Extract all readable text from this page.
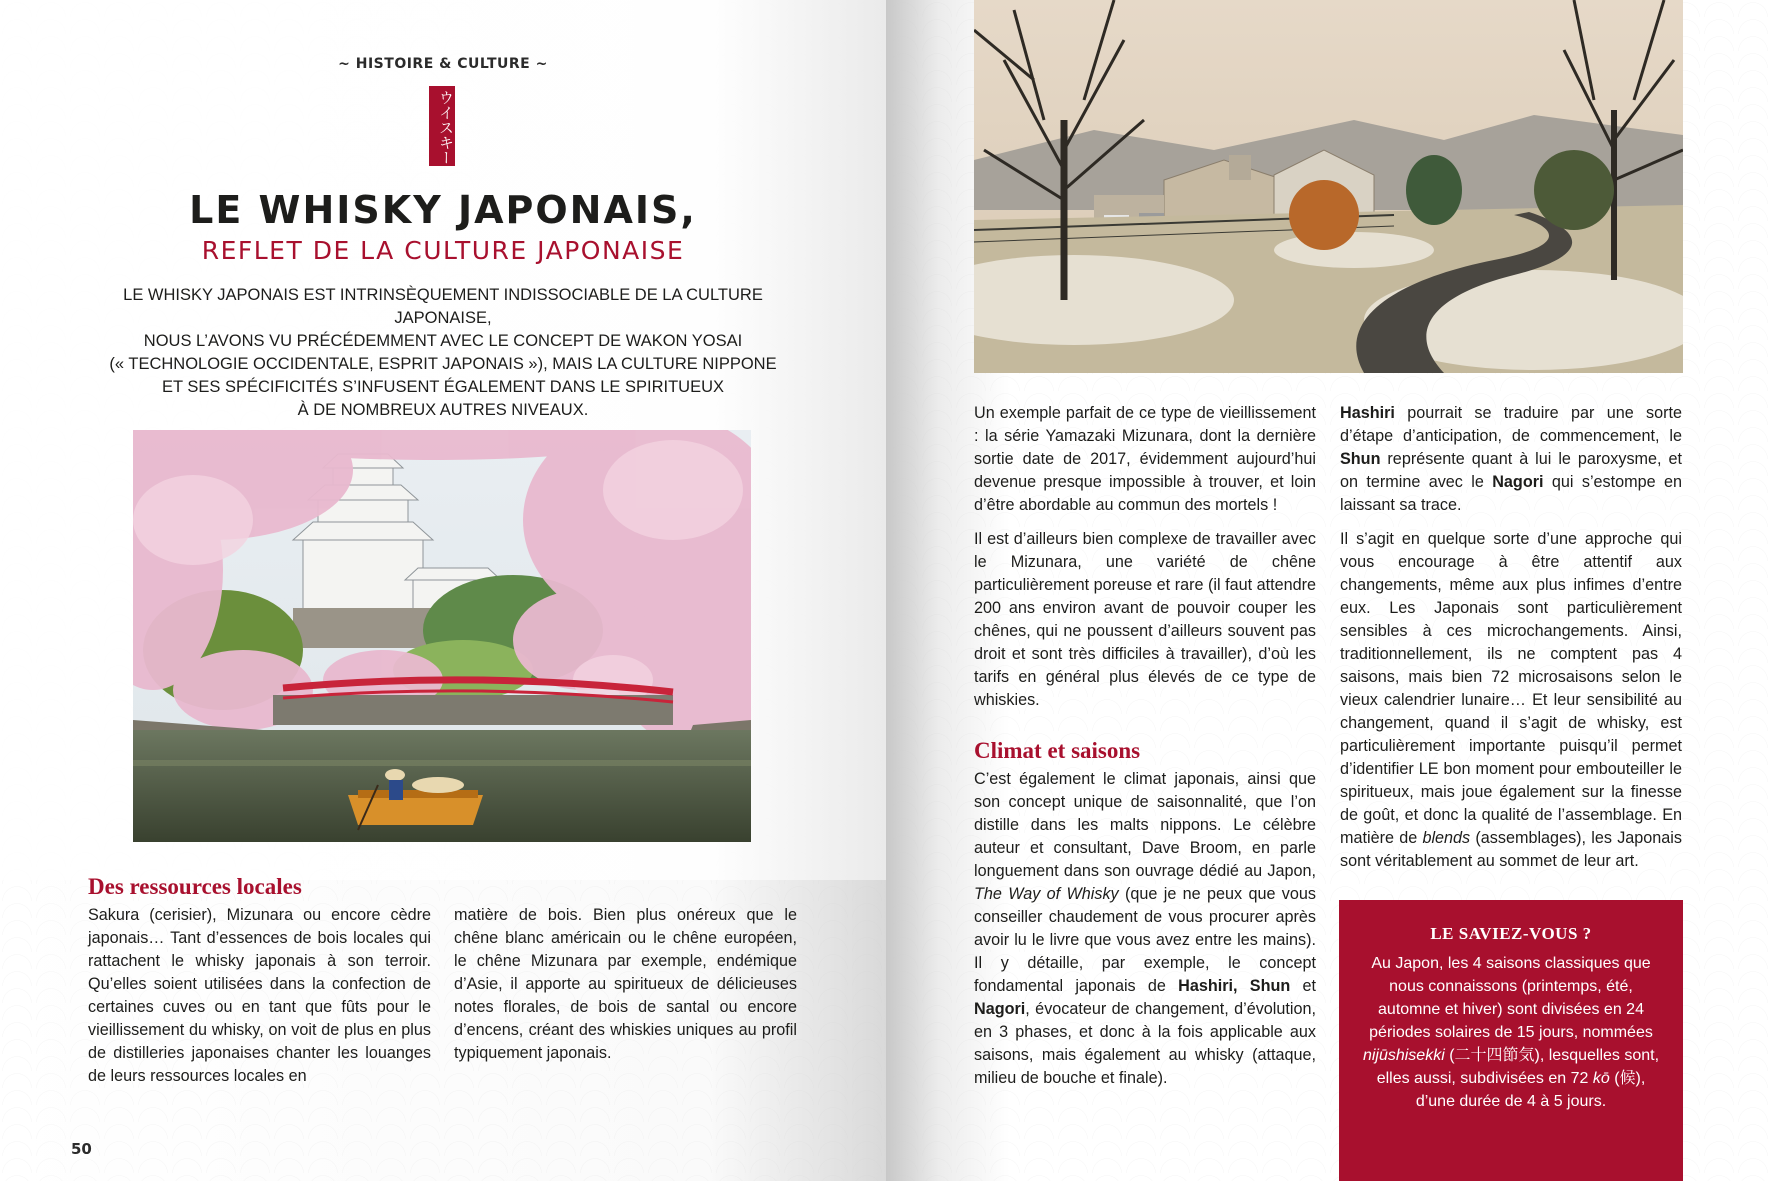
~ HISTOIRE & CULTURE ~
ウイスキー
LE WHISKY JAPONAIS,
REFLET DE LA CULTURE JAPONAISE
LE WHISKY JAPONAIS EST INTRINSÈQUEMENT INDISSOCIABLE DE LA CULTURE JAPONAISE,
NOUS L’AVONS VU PRÉCÉDEMMENT AVEC LE CONCEPT DE WAKON YOSAI
(« TECHNOLOGIE OCCIDENTALE, ESPRIT JAPONAIS »), MAIS LA CULTURE NIPPONE
ET SES SPÉCIFICITÉS S’INFUSENT ÉGALEMENT DANS LE SPIRITUEUX
À DE NOMBREUX AUTRES NIVEAUX.
Des ressources locales

Sakura (cerisier), Mizunara ou encore cèdre japonais… Tant d’essences de bois locales qui rattachent le whisky japonais à son terroir. Qu’elles soient utilisées dans la confection de certaines cuves ou en tant que fûts pour le vieillissement du whisky, on voit de plus en plus de distilleries japonaises chanter les louanges de leurs ressources locales en

matière de bois. Bien plus onéreux que le chêne blanc américain ou le chêne européen, le chêne Mizunara par exemple, endémique d’Asie, il apporte au spiritueux de délicieuses notes florales, de bois de santal ou encore d’encens, créant des whiskies uniques au profil typiquement japonais.

50

Un exemple parfait de ce type de vieillissement : la série Yamazaki Mizunara, dont la dernière sortie date de 2017, évidemment aujourd’hui devenue presque impossible à trouver, et loin d’être abordable au commun des mortels !

Il est d’ailleurs bien complexe de travailler avec le Mizunara, une variété de chêne particulièrement poreuse et rare (il faut attendre 200 ans environ avant de pouvoir couper les chênes, qui ne poussent d’ailleurs souvent pas droit et sont très difficiles à travailler), d’où les tarifs en général plus élevés de ce type de whiskies.

Climat et saisons

C’est également le climat japonais, ainsi que son concept unique de saisonnalité, que l’on distille dans les malts nippons. Le célèbre auteur et consultant, Dave Broom, en parle longuement dans son ouvrage dédié au Japon, The Way of Whisky (que je ne peux que vous conseiller chaudement de vous procurer après avoir lu le livre que vous avez entre les mains). Il y détaille, par exemple, le concept fondamental japonais de Hashiri, Shun et Nagori, évocateur de changement, d’évolution, en 3 phases, et donc à la fois applicable aux saisons, mais également au whisky (attaque, milieu de bouche et finale).

Hashiri pourrait se traduire par une sorte d’étape d’anticipation, de commencement, le Shun représente quant à lui le paroxysme, et on termine avec le Nagori qui s’estompe en laissant sa trace.

Il s’agit en quelque sorte d’une approche qui vous encourage à être attentif aux changements, même aux plus infimes d’entre eux. Les Japonais sont particulièrement sensibles à ces microchangements. Ainsi, traditionnellement, ils ne comptent pas 4 saisons, mais bien 72 microsaisons selon le vieux calendrier lunaire… Et leur sensibilité au changement, quand il s’agit de whisky, est particulièrement importante puisqu’il permet d’identifier LE bon moment pour embouteiller le spiritueux, mais joue également sur la finesse de goût, et donc la qualité de l’assemblage. En matière de blends (assemblages), les Japonais sont véritablement au sommet de leur art.

LE SAVIEZ-VOUS ?
Au Japon, les 4 saisons classiques que nous connaissons (printemps, été, automne et hiver) sont divisées en 24 périodes solaires de 15 jours, nommées nijūshisekki (二十四節気), lesquelles sont, elles aussi, subdivisées en 72 kō (候), d’une durée de 4 à 5 jours.
